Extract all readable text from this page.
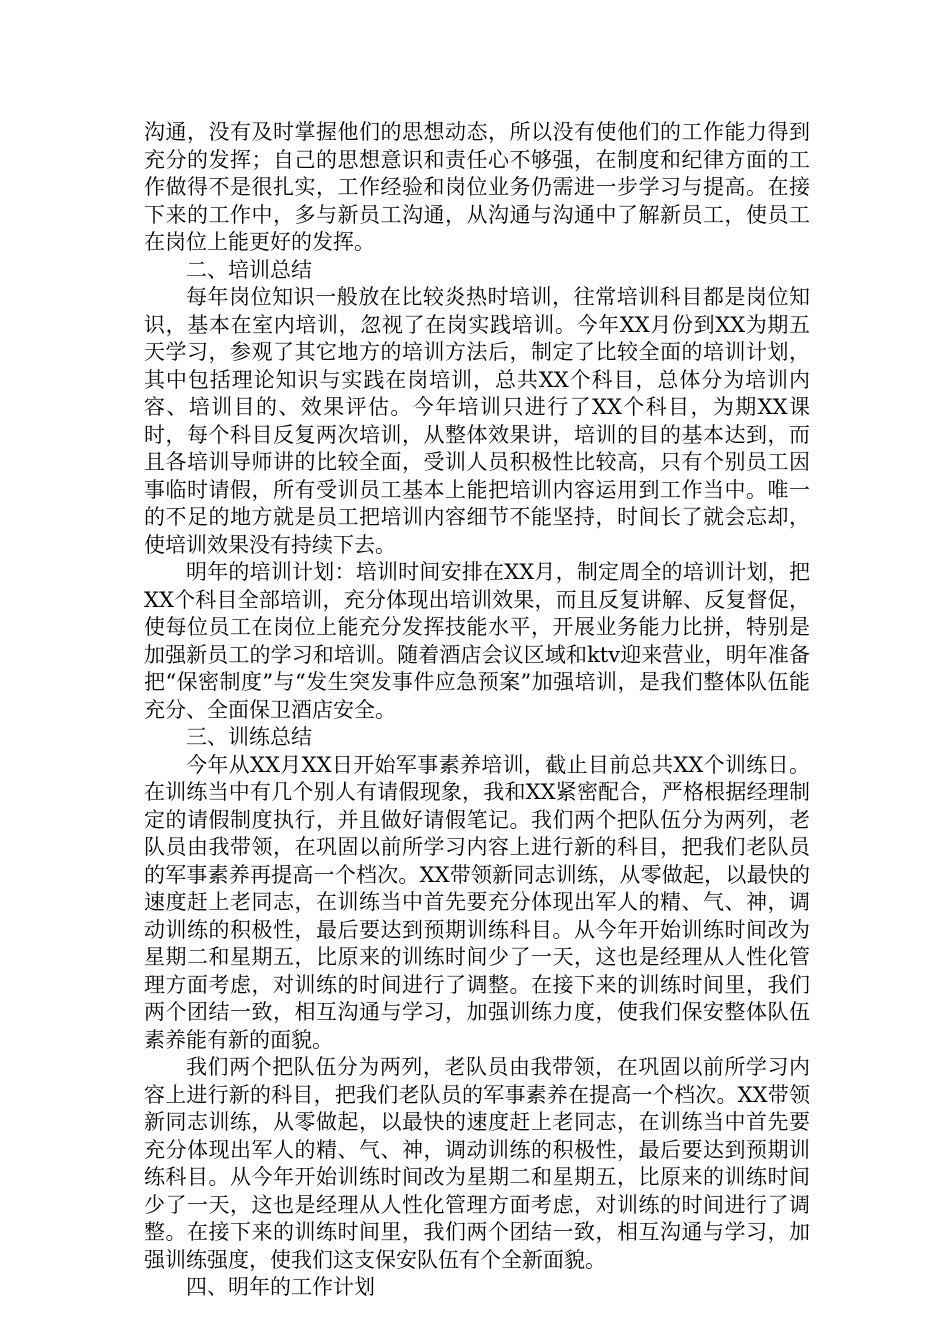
沟通，没有及时掌握他们的思想动态，所以没有使他们的工作能力得到充分的发挥；自己的思想意识和责任心不够强，在制度和纪律方面的工作做得不是很扎实，工作经验和岗位业务仍需进一步学习与提高。在接下来的工作中，多与新员工沟通，从沟通与沟通中了解新员工，使员工在岗位上能更好的发挥。

二、培训总结

每年岗位知识一般放在比较炎热时培训，往常培训科目都是岗位知识，基本在室内培训，忽视了在岗实践培训。今年XX月份到XX为期五天学习，参观了其它地方的培训方法后，制定了比较全面的培训计划，其中包括理论知识与实践在岗培训，总共XX个科目，总体分为培训内容、培训目的、效果评估。今年培训只进行了XX个科目，为期XX课时，每个科目反复两次培训，从整体效果讲，培训的目的基本达到，而且各培训导师讲的比较全面，受训人员积极性比较高，只有个别员工因事临时请假，所有受训员工基本上能把培训内容运用到工作当中。唯一的不足的地方就是员工把培训内容细节不能坚持，时间长了就会忘却，使培训效果没有持续下去。

明年的培训计划：培训时间安排在XX月，制定周全的培训计划，把XX个科目全部培训，充分体现出培训效果，而且反复讲解、反复督促，使每位员工在岗位上能充分发挥技能水平，开展业务能力比拼，特别是加强新员工的学习和培训。随着酒店会议区域和ktv迎来营业，明年准备把“保密制度”与“发生突发事件应急预案”加强培训，是我们整体队伍能充分、全面保卫酒店安全。

三、训练总结

今年从XX月XX日开始军事素养培训，截止目前总共XX个训练日。在训练当中有几个别人有请假现象，我和XX紧密配合，严格根据经理制定的请假制度执行，并且做好请假笔记。我们两个把队伍分为两列，老队员由我带领，在巩固以前所学习内容上进行新的科目，把我们老队员的军事素养再提高一个档次。XX带领新同志训练，从零做起，以最快的速度赶上老同志，在训练当中首先要充分体现出军人的精、气、神，调动训练的积极性，最后要达到预期训练科目。从今年开始训练时间改为星期二和星期五，比原来的训练时间少了一天，这也是经理从人性化管理方面考虑，对训练的时间进行了调整。在接下来的训练时间里，我们两个团结一致，相互沟通与学习，加强训练力度，使我们保安整体队伍素养能有新的面貌。

我们两个把队伍分为两列，老队员由我带领，在巩固以前所学习内容上进行新的科目，把我们老队员的军事素养在提高一个档次。XX带领新同志训练，从零做起，以最快的速度赶上老同志，在训练当中首先要充分体现出军人的精、气、神，调动训练的积极性，最后要达到预期训练科目。从今年开始训练时间改为星期二和星期五，比原来的训练时间少了一天，这也是经理从人性化管理方面考虑，对训练的时间进行了调整。在接下来的训练时间里，我们两个团结一致，相互沟通与学习，加强训练强度，使我们这支保安队伍有个全新面貌。

四、明年的工作计划
